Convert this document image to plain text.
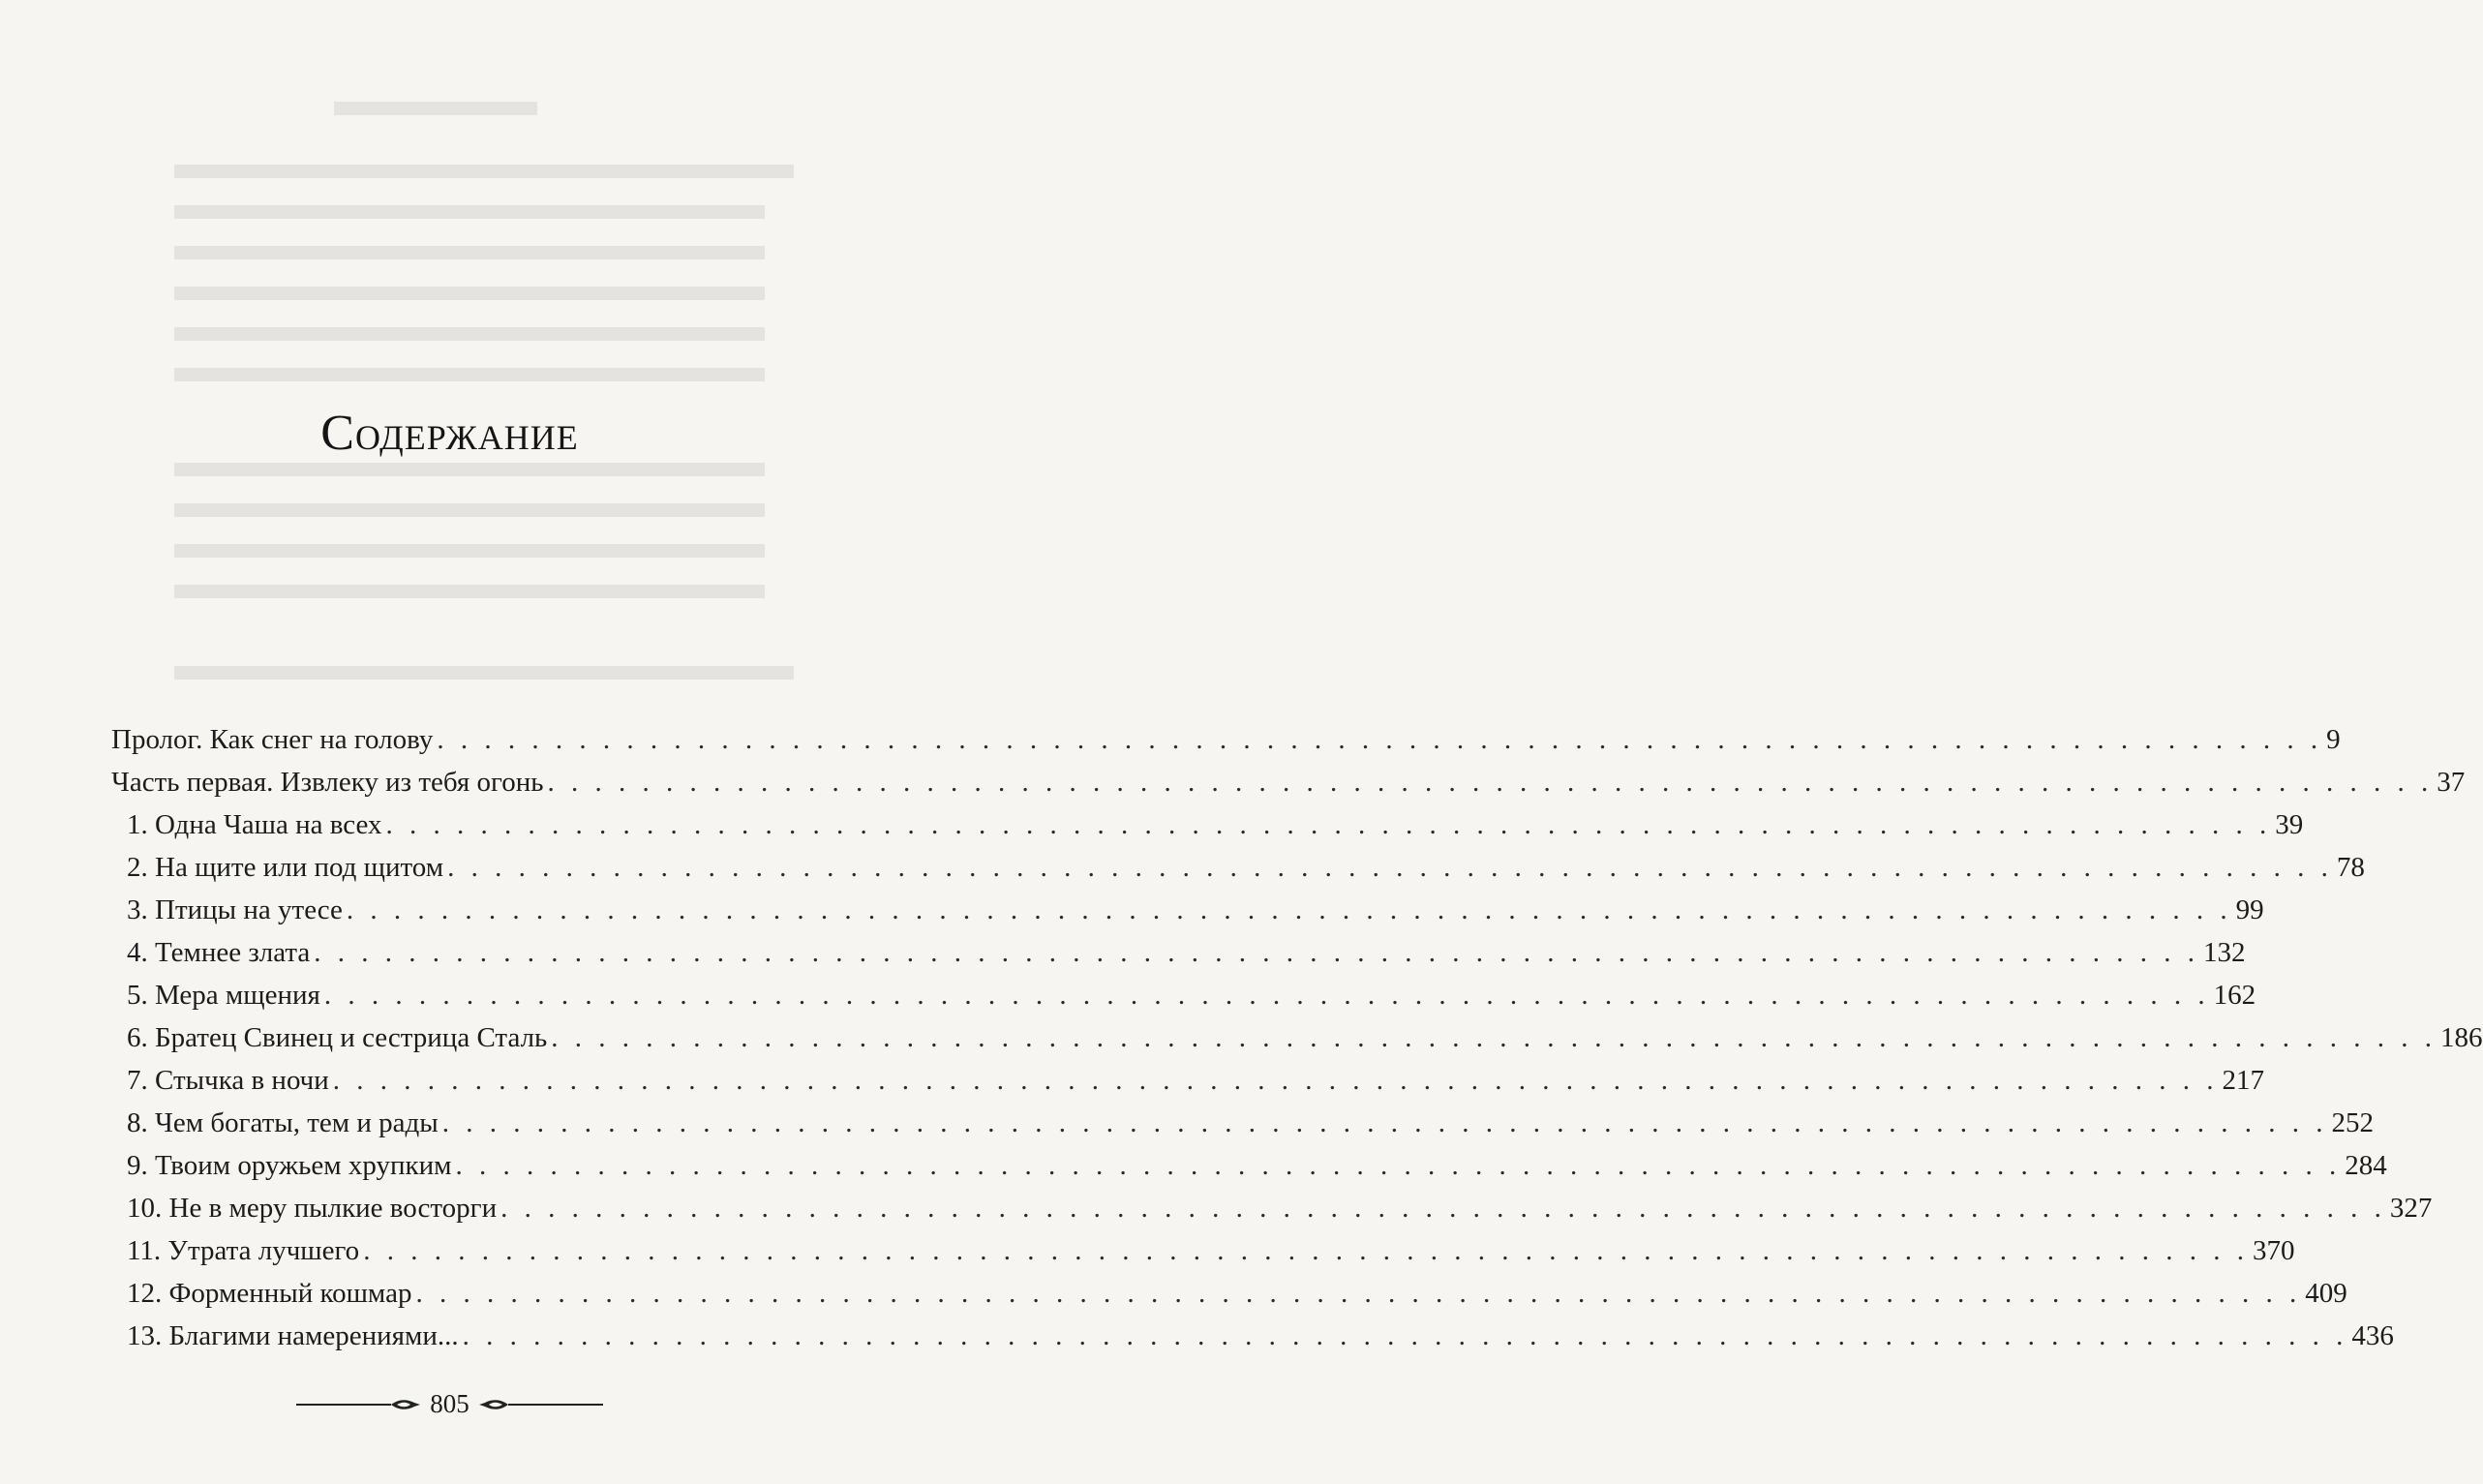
Содержание
Пролог. Как снег на голову . . . . . . . . . . . . . . . . . . . . . . . . . . . . . . . . . . . . . . . . . . . . . . . . . . . . . . . . . . . . . . . . . . . . . . . . . . . . . . . . 9
Часть первая. Извлеку из тебя огонь . . . . . . . . . . . . . . . . . . . . . . . . . . . . . . . . . . . . . . . . . . . . . . . . . . . . . . . . . . . . . . . . . . . . . . . . . . . . . . . . 37
1. Одна Чаша на всех . . . . . . . . . . . . . . . . . . . . . . . . . . . . . . . . . . . . . . . . . . . . . . . . . . . . . . . . . . . . . . . . . . . . . . . . . . . . . . . . 39
2. На щите или под щитом . . . . . . . . . . . . . . . . . . . . . . . . . . . . . . . . . . . . . . . . . . . . . . . . . . . . . . . . . . . . . . . . . . . . . . . . . . . . . . . . 78
3. Птицы на утесе . . . . . . . . . . . . . . . . . . . . . . . . . . . . . . . . . . . . . . . . . . . . . . . . . . . . . . . . . . . . . . . . . . . . . . . . . . . . . . . . 99
4. Темнее злата . . . . . . . . . . . . . . . . . . . . . . . . . . . . . . . . . . . . . . . . . . . . . . . . . . . . . . . . . . . . . . . . . . . . . . . . . . . . . . . . 132
5. Мера мщения . . . . . . . . . . . . . . . . . . . . . . . . . . . . . . . . . . . . . . . . . . . . . . . . . . . . . . . . . . . . . . . . . . . . . . . . . . . . . . . . 162
6. Братец Свинец и сестрица Сталь . . . . . . . . . . . . . . . . . . . . . . . . . . . . . . . . . . . . . . . . . . . . . . . . . . . . . . . . . . . . . . . . . . . . . . . . . . . . . . . . 186
7. Стычка в ночи . . . . . . . . . . . . . . . . . . . . . . . . . . . . . . . . . . . . . . . . . . . . . . . . . . . . . . . . . . . . . . . . . . . . . . . . . . . . . . . . 217
8. Чем богаты, тем и рады . . . . . . . . . . . . . . . . . . . . . . . . . . . . . . . . . . . . . . . . . . . . . . . . . . . . . . . . . . . . . . . . . . . . . . . . . . . . . . . . 252
9. Твоим оружьем хрупким . . . . . . . . . . . . . . . . . . . . . . . . . . . . . . . . . . . . . . . . . . . . . . . . . . . . . . . . . . . . . . . . . . . . . . . . . . . . . . . . 284
10. Не в меру пылкие восторги . . . . . . . . . . . . . . . . . . . . . . . . . . . . . . . . . . . . . . . . . . . . . . . . . . . . . . . . . . . . . . . . . . . . . . . . . . . . . . . . 327
11. Утрата лучшего . . . . . . . . . . . . . . . . . . . . . . . . . . . . . . . . . . . . . . . . . . . . . . . . . . . . . . . . . . . . . . . . . . . . . . . . . . . . . . . . 370
12. Форменный кошмар . . . . . . . . . . . . . . . . . . . . . . . . . . . . . . . . . . . . . . . . . . . . . . . . . . . . . . . . . . . . . . . . . . . . . . . . . . . . . . . . 409
13. Благими намерениями... . . . . . . . . . . . . . . . . . . . . . . . . . . . . . . . . . . . . . . . . . . . . . . . . . . . . . . . . . . . . . . . . . . . . . . . . . . . . . . . . 436
805
